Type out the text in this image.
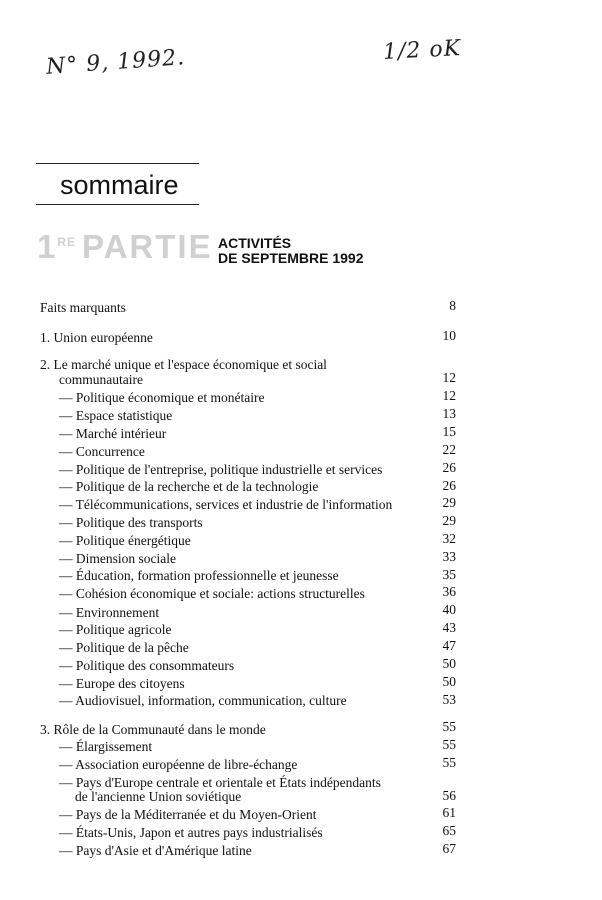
N° 9, 1992.	1/2 oK
sommaire
1RE PARTIE ACTIVITÉS
DE SEPTEMBRE 1992
Faits marquants	8
1. Union européenne	10
2. Le marché unique et l'espace économique et social
communautaire	12
— Politique économique et monétaire	12
— Espace statistique	13
— Marché intérieur	15
— Concurrence	22
— Politique de l'entreprise, politique industrielle et services	26
— Politique de la recherche et de la technologie	26
— Télécommunications, services et industrie de l'information	29
— Politique des transports	29
— Politique énergétique	32
— Dimension sociale	33
— Éducation, formation professionnelle et jeunesse	35
— Cohésion économique et sociale: actions structurelles	36
— Environnement	40
— Politique agricole	43
— Politique de la pêche	47
— Politique des consommateurs	50
— Europe des citoyens	50
— Audiovisuel, information, communication, culture	53
3. Rôle de la Communauté dans le monde	55
— Élargissement	55
— Association européenne de libre-échange	55
— Pays d'Europe centrale et orientale et États indépendants
de l'ancienne Union soviétique	56
— Pays de la Méditerranée et du Moyen-Orient	61
— États-Unis, Japon et autres pays industrialisés	65
— Pays d'Asie et d'Amérique latine	67
